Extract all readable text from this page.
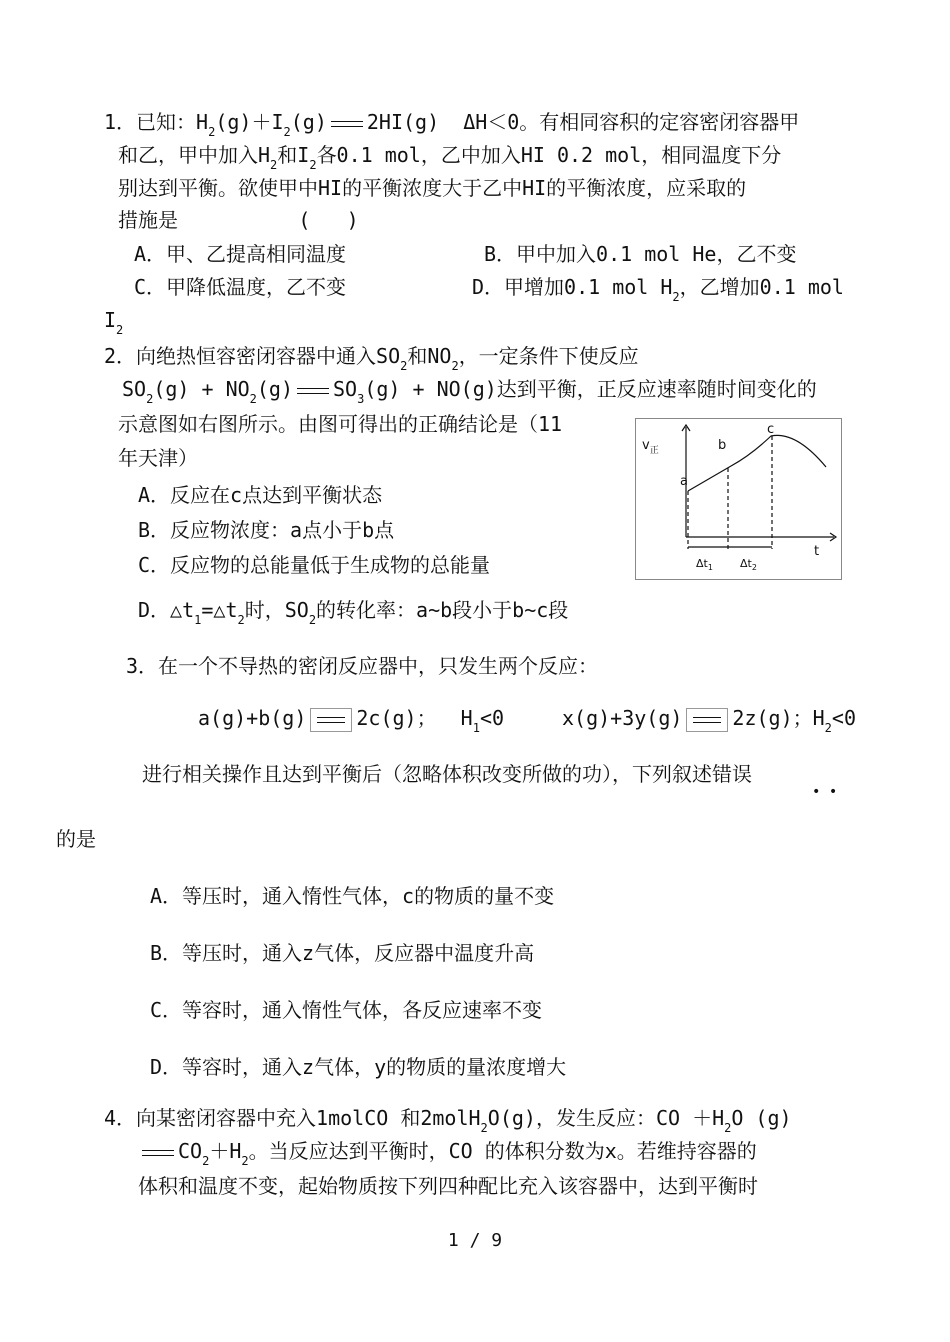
1．已知：$H_2(g)+I_2(g)$ 2HI(g)  ΔH＜0。有相同容积的定容密闭容器甲
和乙，甲中加入$H_2$和$I_2$各0.1 mol，乙中加入HI 0.2 mol，相同温度下分
别达到平衡。欲使甲中HI的平衡浓度大于乙中HI的平衡浓度，应采取的
措施是          (   )
A．甲、乙提高相同温度	B．甲中加入0.1 mol He，乙不变
C．甲降低温度，乙不变	D．甲增加0.1 mol $H_2$，乙增加0.1 mol
$I_2$
2．向绝热恒容密闭容器中通入$SO_2$和$NO_2$，一定条件下使反应
$SO_2(g) + NO_2(g) SO_3(g) + NO(g)$达到平衡，正反应速率随时间变化的
示意图如右图所示。由图可得出的正确结论是（11
年天津）
A．反应在c点达到平衡状态
B．反应物浓度：a点小于b点
C．反应物的总能量低于生成物的总能量
D．$\triangle t_1=\triangle t_2$时，$SO_2$的转化率：a~b段小于b~c段
$v_正$
t
a
b
c
$\Delta t_1$ $\Delta t_2$
3．在一个不导热的密闭反应器中，只发生两个反应：
a(g)+b(g)	2c(g)；  $H_1<0$	x(g)+3y(g)	2z(g)；$H_2<0$
进行相关操作且达到平衡后（忽略体积改变所做的功），下列叙述错误
• •
的是
A．等压时，通入惰性气体，c的物质的量不变
B．等压时，通入z气体，反应器中温度升高
C．等容时，通入惰性气体，各反应速率不变
D．等容时，通入z气体，y的物质的量浓度增大
4．向某密闭容器中充入1molCO 和2molH$_2$O(g)，发生反应：CO $+H_2O$ (g)
$CO_2+H_2$。当反应达到平衡时，CO 的体积分数为x。若维持容器的
体积和温度不变，起始物质按下列四种配比充入该容器中，达到平衡时
1 / 9
